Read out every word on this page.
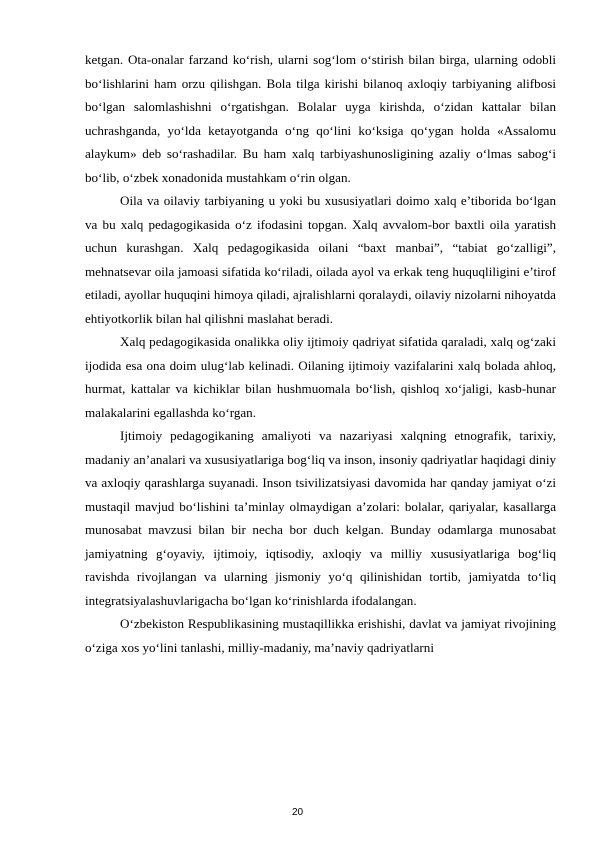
ketgan. Ota-onalar farzand ko‘rish, ularni sog‘lom o‘stirish bilan birga, ularning odobli bo‘lishlarini ham orzu qilishgan. Bola tilga kirishi bilanoq axloqiy tarbiyaning alifbosi bo‘lgan salomlashishni o‘rgatishgan. Bolalar uyga kirishda, o‘zidan kattalar bilan uchrashganda, yo‘lda ketayotganda o‘ng qo‘lini ko‘ksiga qo‘ygan holda «Assalomu alaykum» deb so‘rashadilar. Bu ham xalq tarbiyashunosligining azaliy o‘lmas sabog‘i bo‘lib, o‘zbek xonadonida mustahkam o‘rin olgan.

Oila va oilaviy tarbiyaning u yoki bu xususiyatlari doimo xalq e’tiborida bo‘lgan va bu xalq pedagogikasida o‘z ifodasini topgan. Xalq avvalom-bor baxtli oila yaratish uchun kurashgan. Xalq pedagogikasida oilani “baxt manbai”, “tabiat go‘zalligi”, mehnatsevar oila jamoasi sifatida ko‘riladi, oilada ayol va erkak teng huquqliligini e’tirof etiladi, ayollar huquqini himoya qiladi, ajralishlarni qoralaydi, oilaviy nizolarni nihoyatda ehtiyotkorlik bilan hal qilishni maslahat beradi.

Xalq pedagogikasida onalikka oliy ijtimoiy qadriyat sifatida qaraladi, xalq og‘zaki ijodida esa ona doim ulug‘lab kelinadi. Oilaning ijtimoiy vazifalarini xalq bolada ahloq, hurmat, kattalar va kichiklar bilan hushmuomala bo‘lish, qishloq xo‘jaligi, kasb-hunar malakalarini egallashda ko‘rgan.

Ijtimoiy pedagogikaning amaliyoti va nazariyasi xalqning etnografik, tarixiy, madaniy an’analari va xususiyatlariga bog‘liq va inson, insoniy qadriyatlar haqidagi diniy va axloqiy qarashlarga suyanadi. Inson tsivilizatsiyasi davomida har qanday jamiyat o‘zi mustaqil mavjud bo‘lishini ta’minlay olmaydigan a’zolari: bolalar, qariyalar, kasallarga munosabat mavzusi bilan bir necha bor duch kelgan. Bunday odamlarga munosabat jamiyatning g‘oyaviy, ijtimoiy, iqtisodiy, axloqiy va milliy xususiyatlariga bog‘liq ravishda rivojlangan va ularning jismoniy yo‘q qilinishidan tortib, jamiyatda to‘liq integratsiyalashuvlarigacha bo‘lgan ko‘rinishlarda ifodalangan.

O‘zbekiston Respublikasining mustaqillikka erishishi, davlat va jamiyat rivojining o‘ziga xos yo‘lini tanlashi, milliy-madaniy, ma’naviy qadriyatlarni

20
